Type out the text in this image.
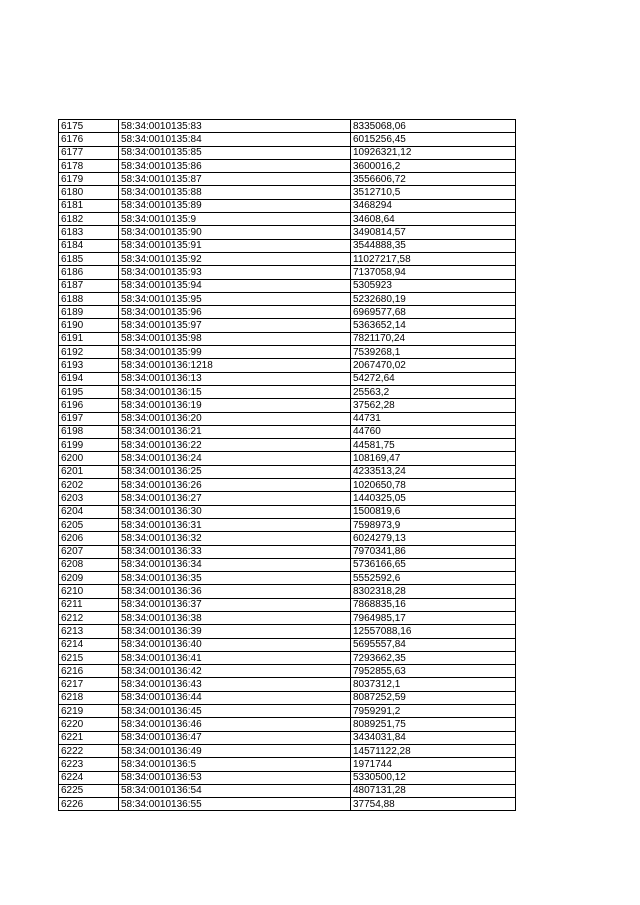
6175	58:34:0010135:83	8335068,06
6176	58:34:0010135:84	6015256,45
6177	58:34:0010135:85	10926321,12
6178	58:34:0010135:86	3600016,2
6179	58:34:0010135:87	3556606,72
6180	58:34:0010135:88	3512710,5
6181	58:34:0010135:89	3468294
6182	58:34:0010135:9	34608,64
6183	58:34:0010135:90	3490814,57
6184	58:34:0010135:91	3544888,35
6185	58:34:0010135:92	11027217,58
6186	58:34:0010135:93	7137058,94
6187	58:34:0010135:94	5305923
6188	58:34:0010135:95	5232680,19
6189	58:34:0010135:96	6969577,68
6190	58:34:0010135:97	5363652,14
6191	58:34:0010135:98	7821170,24
6192	58:34:0010135:99	7539268,1
6193	58:34:0010136:1218	2067470,02
6194	58:34:0010136:13	54272,64
6195	58:34:0010136:15	25563,2
6196	58:34:0010136:19	37562,28
6197	58:34:0010136:20	44731
6198	58:34:0010136:21	44760
6199	58:34:0010136:22	44581,75
6200	58:34:0010136:24	108169,47
6201	58:34:0010136:25	4233513,24
6202	58:34:0010136:26	1020650,78
6203	58:34:0010136:27	1440325,05
6204	58:34:0010136:30	1500819,6
6205	58:34:0010136:31	7598973,9
6206	58:34:0010136:32	6024279,13
6207	58:34:0010136:33	7970341,86
6208	58:34:0010136:34	5736166,65
6209	58:34:0010136:35	5552592,6
6210	58:34:0010136:36	8302318,28
6211	58:34:0010136:37	7868835,16
6212	58:34:0010136:38	7964985,17
6213	58:34:0010136:39	12557088,16
6214	58:34:0010136:40	5695557,84
6215	58:34:0010136:41	7293662,35
6216	58:34:0010136:42	7952855,63
6217	58:34:0010136:43	8037312,1
6218	58:34:0010136:44	8087252,59
6219	58:34:0010136:45	7959291,2
6220	58:34:0010136:46	8089251,75
6221	58:34:0010136:47	3434031,84
6222	58:34:0010136:49	14571122,28
6223	58:34:0010136:5	1971744
6224	58:34:0010136:53	5330500,12
6225	58:34:0010136:54	4807131,28
6226	58:34:0010136:55	37754,88
